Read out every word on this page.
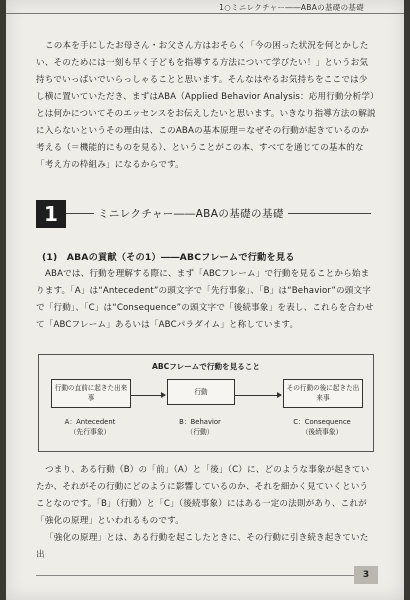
1○ミニレクチャー――ABAの基礎の基礎

この本を手にしたお母さん・お父さん方はおそらく「今の困った状況を何とかしたい、そのためには一刻も早く子どもを指導する方法について学びたい！」というお気持ちでいっぱいでいらっしゃることと思います。そんなはやるお気持ちをここでは少し横に置いていただき、まずはABA（Applied Behavior Analysis：応用行動分析学）とは何かについてそのエッセンスをお伝えしたいと思います。いきなり指導方法の解説に入らないというその理由は、このABAの基本原理＝なぜその行動が起きているのか考える（＝機能的にものを見る）、ということがこの本、すべてを通じての基本的な「考え方の枠組み」になるからです。

1	ミニレクチャー――ABAの基礎の基礎
(1)　ABAの貢献（その1）――ABCフレームで行動を見る

ABAでは、行動を理解する際に、まず「ABCフレーム」で行動を見ることから始まります。「A」は“Antecedent”の頭文字で「先行事象」、「B」は“Behavior”の頭文字で「行動」、「C」は“Consequence”の頭文字で「後続事象」を表し、これらを合わせて「ABCフレーム」あるいは「ABCパラダイム」と称しています。

ABCフレームで行動を見ること
行動の直前に起きた出来事
行動	その行動の後に起きた出来事
A：Antecedent
（先行事象）
B：Behavior
（行動）
C：Consequence
（後続事象）

つまり、ある行動（B）の「前」（A）と「後」（C）に、どのような事象が起きていたか、それがその行動にどのように影響しているのか、それを細かく見ていくということなのです。「B」（行動）と「C」（後続事象）にはある一定の法則があり、これが「強化の原理」といわれるものです。

「強化の原理」とは、ある行動を起こしたときに、その行動に引き続き起きていた出

3
